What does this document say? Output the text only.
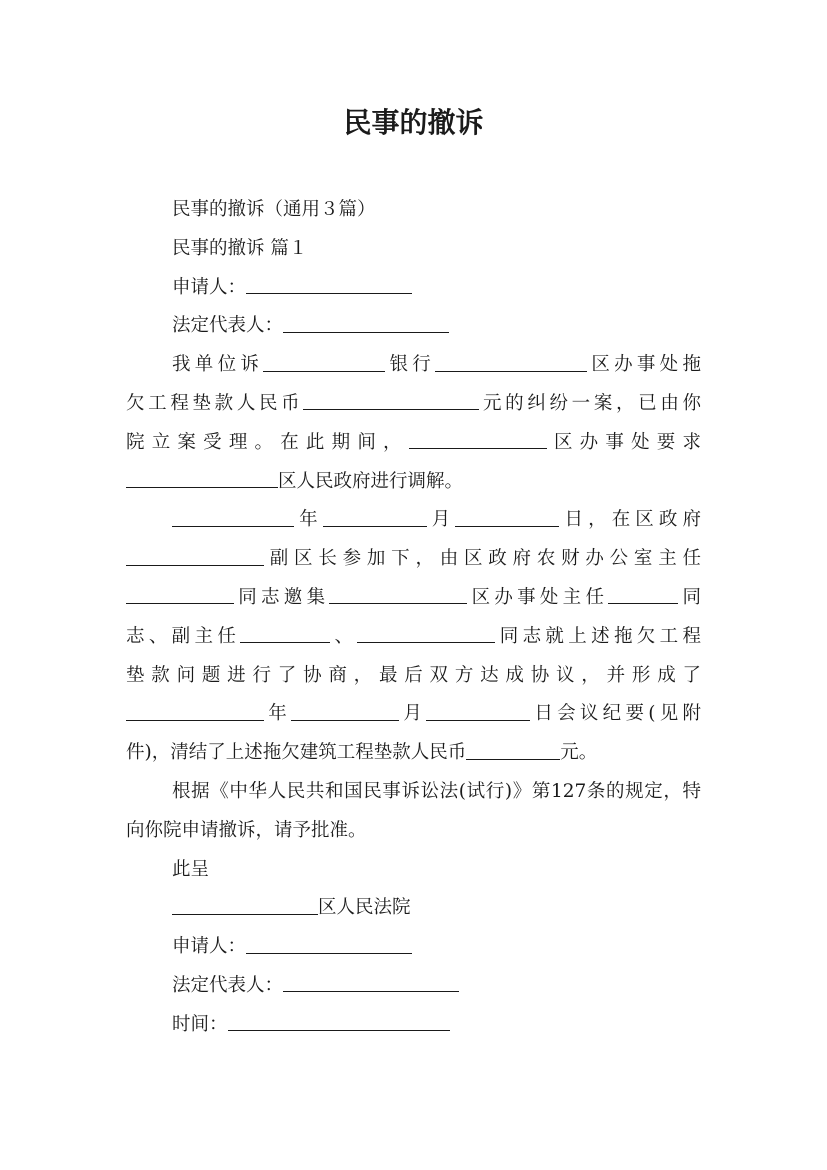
民事的撤诉

民事的撤诉（通用３篇）

民事的撤诉 篇１

申请人：

法定代表人：

我单位诉	银行	区办事处拖
欠工程垫款人民币	元的纠纷一案，已由你
院立案受理。在此期间，	区办事处要求
区人民政府进行调解。
年	月	日，在区政府
副区长参加下，由区政府农财办公室主任
同志邀集	区办事处主任	同
志、副主任	、	同志就上述拖欠工程
垫款问题进行了协商，最后双方达成协议，并形成了
年	月	日会议纪要(见附
件)，清结了上述拖欠建筑工程垫款人民币	元。

根据《中华人民共和国民事诉讼法(试行)》第127条的规定，特向你院申请撤诉，请予批准。

此呈

区人民法院

申请人：

法定代表人：

时间：
